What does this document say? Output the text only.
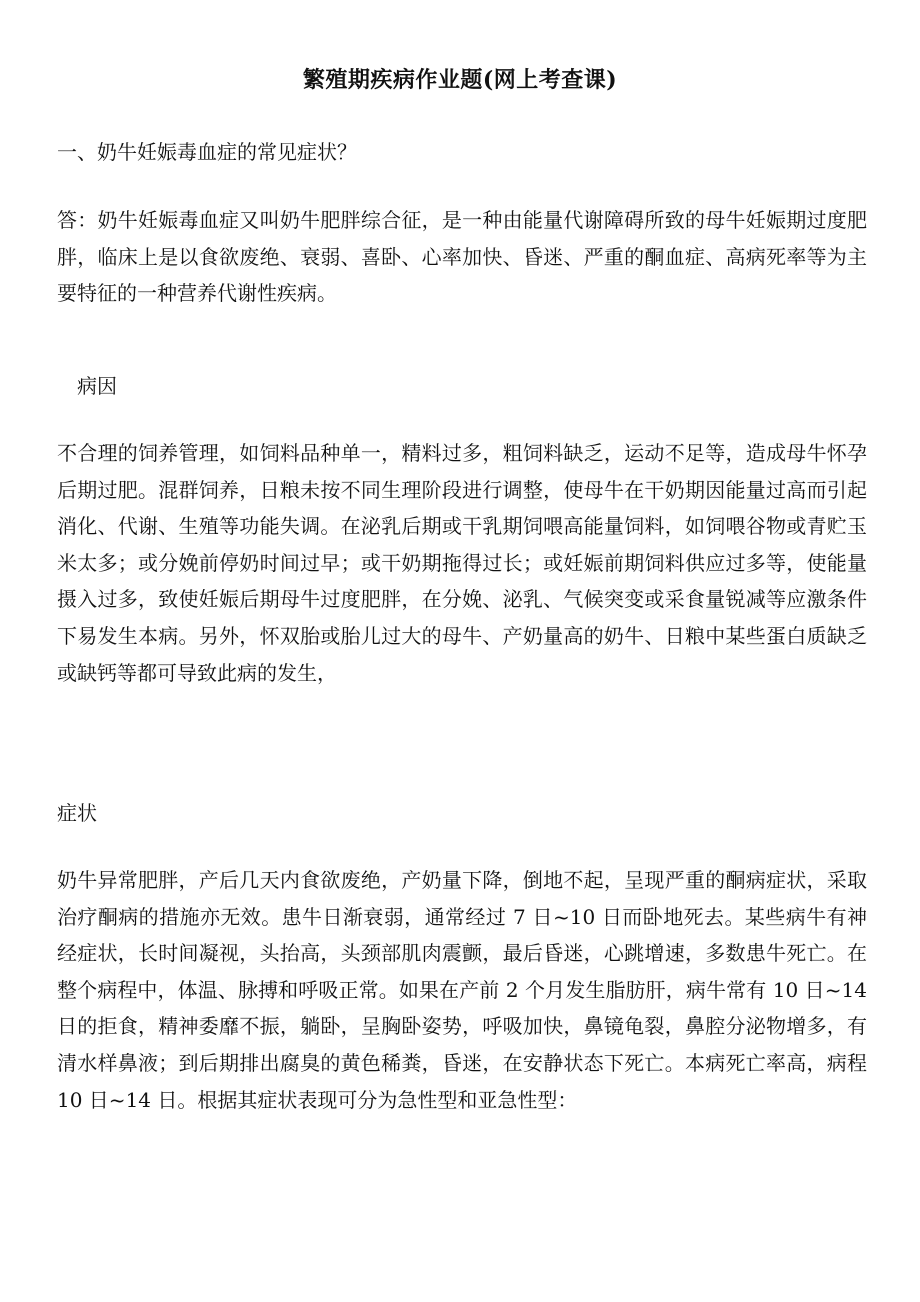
繁殖期疾病作业题(网上考查课)
一、奶牛妊娠毒血症的常见症状？

答：奶牛妊娠毒血症又叫奶牛肥胖综合征，是一种由能量代谢障碍所致的母牛妊娠期过度肥胖，临床上是以食欲废绝、衰弱、喜卧、心率加快、昏迷、严重的酮血症、高病死率等为主要特征的一种营养代谢性疾病。

病因

不合理的饲养管理，如饲料品种单一，精料过多，粗饲料缺乏，运动不足等，造成母牛怀孕后期过肥。混群饲养，日粮未按不同生理阶段进行调整，使母牛在干奶期因能量过高而引起消化、代谢、生殖等功能失调。在泌乳后期或干乳期饲喂高能量饲料，如饲喂谷物或青贮玉米太多；或分娩前停奶时间过早；或干奶期拖得过长；或妊娠前期饲料供应过多等，使能量摄入过多，致使妊娠后期母牛过度肥胖，在分娩、泌乳、气候突变或采食量锐减等应激条件下易发生本病。另外，怀双胎或胎儿过大的母牛、产奶量高的奶牛、日粮中某些蛋白质缺乏或缺钙等都可导致此病的发生，

症状

奶牛异常肥胖，产后几天内食欲废绝，产奶量下降，倒地不起，呈现严重的酮病症状，采取治疗酮病的措施亦无效。患牛日渐衰弱，通常经过 7 日~10 日而卧地死去。某些病牛有神经症状，长时间凝视，头抬高，头颈部肌肉震颤，最后昏迷，心跳增速，多数患牛死亡。在整个病程中，体温、脉搏和呼吸正常。如果在产前 2 个月发生脂肪肝，病牛常有 10 日~14 日的拒食，精神委靡不振，躺卧，呈胸卧姿势，呼吸加快，鼻镜龟裂，鼻腔分泌物增多，有清水样鼻液；到后期排出腐臭的黄色稀粪，昏迷，在安静状态下死亡。本病死亡率高，病程 10 日~14 日。根据其症状表现可分为急性型和亚急性型：
